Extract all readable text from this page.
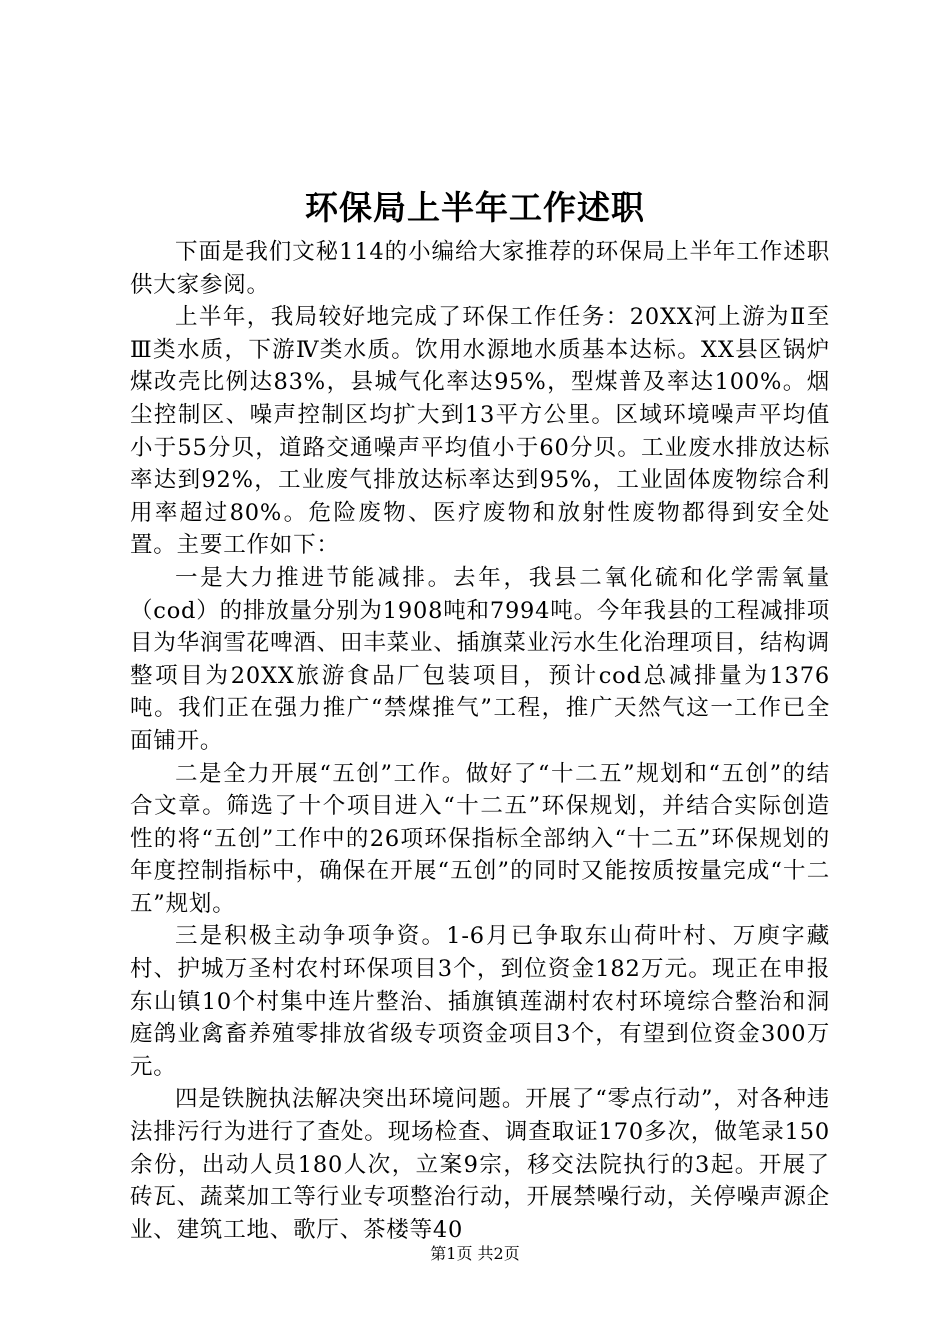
环保局上半年工作述职

下面是我们文秘114的小编给大家推荐的环保局上半年工作述职供大家参阅。

上半年，我局较好地完成了环保工作任务：20XX河上游为Ⅱ至Ⅲ类水质，下游Ⅳ类水质。饮用水源地水质基本达标。XX县区锅炉煤改壳比例达83%，县城气化率达95%，型煤普及率达100%。烟尘控制区、噪声控制区均扩大到13平方公里。区域环境噪声平均值小于55分贝，道路交通噪声平均值小于60分贝。工业废水排放达标率达到92%，工业废气排放达标率达到95%，工业固体废物综合利用率超过80%。危险废物、医疗废物和放射性废物都得到安全处置。主要工作如下：

一是大力推进节能减排。去年，我县二氧化硫和化学需氧量（cod）的排放量分别为1908吨和7994吨。今年我县的工程减排项目为华润雪花啤酒、田丰菜业、插旗菜业污水生化治理项目，结构调整项目为20XX旅游食品厂包装项目，预计cod总减排量为1376吨。我们正在强力推广“禁煤推气”工程，推广天然气这一工作已全面铺开。

二是全力开展“五创”工作。做好了“十二五”规划和“五创”的结合文章。筛选了十个项目进入“十二五”环保规划，并结合实际创造性的将“五创”工作中的26项环保指标全部纳入“十二五”环保规划的年度控制指标中，确保在开展“五创”的同时又能按质按量完成“十二五”规划。

三是积极主动争项争资。1-6月已争取东山荷叶村、万庾字藏村、护城万圣村农村环保项目3个，到位资金182万元。现正在申报东山镇10个村集中连片整治、插旗镇莲湖村农村环境综合整治和洞庭鸽业禽畜养殖零排放省级专项资金项目3个，有望到位资金300万元。

四是铁腕执法解决突出环境问题。开展了“零点行动”，对各种违法排污行为进行了查处。现场检查、调查取证170多次，做笔录150余份，出动人员180人次，立案9宗，移交法院执行的3起。开展了砖瓦、蔬菜加工等行业专项整治行动，开展禁噪行动，关停噪声源企业、建筑工地、歌厅、茶楼等40

第1页 共2页
